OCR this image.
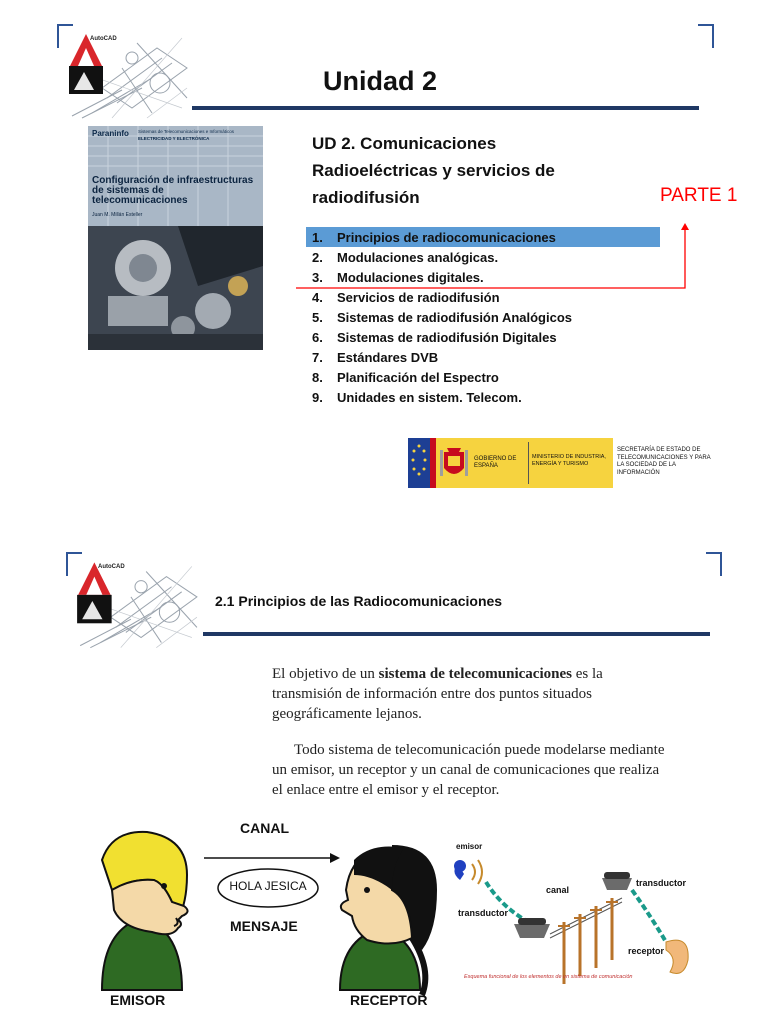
AutoCAD
Unidad 2
Paraninfo Sistemas de Telecomunicaciones e Informáticos
ELECTRICIDAD Y ELECTRÓNICA
Configuración de infraestructuras de sistemas de telecomunicaciones
Juan M. Millán Esteller
UD 2. Comunicaciones Radioeléctricas y servicios de radiodifusión	PARTE 1
1. Principios de radiocomunicaciones
2. Modulaciones analógicas.
3. Modulaciones digitales.
4. Servicios de radiodifusión
5. Sistemas de radiodifusión Analógicos
6. Sistemas de radiodifusión Digitales
7. Estándares DVB
8. Planificación del Espectro
9. Unidades en sistem. Telecom.
GOBIERNO DE ESPAÑA
MINISTERIO DE INDUSTRIA, ENERGÍA Y TURISMO
SECRETARÍA DE ESTADO DE TELECOMUNICACIONES Y PARA LA SOCIEDAD DE LA INFORMACIÓN
AutoCAD
2.1 Principios de las Radiocomunicaciones
El objetivo de un sistema de telecomunicaciones es la transmisión de información entre dos puntos situados geográficamente lejanos.
Todo sistema de telecomunicación puede modelarse mediante un emisor, un receptor y un canal de comunicaciones que realiza el enlace entre el emisor y el receptor.
CANAL
HOLA JESICA
MENSAJE
EMISOR	RECEPTOR
emisor
transductor
canal
transductor
receptor
Esquema funcional de los elementos de un sistema de comunicación
